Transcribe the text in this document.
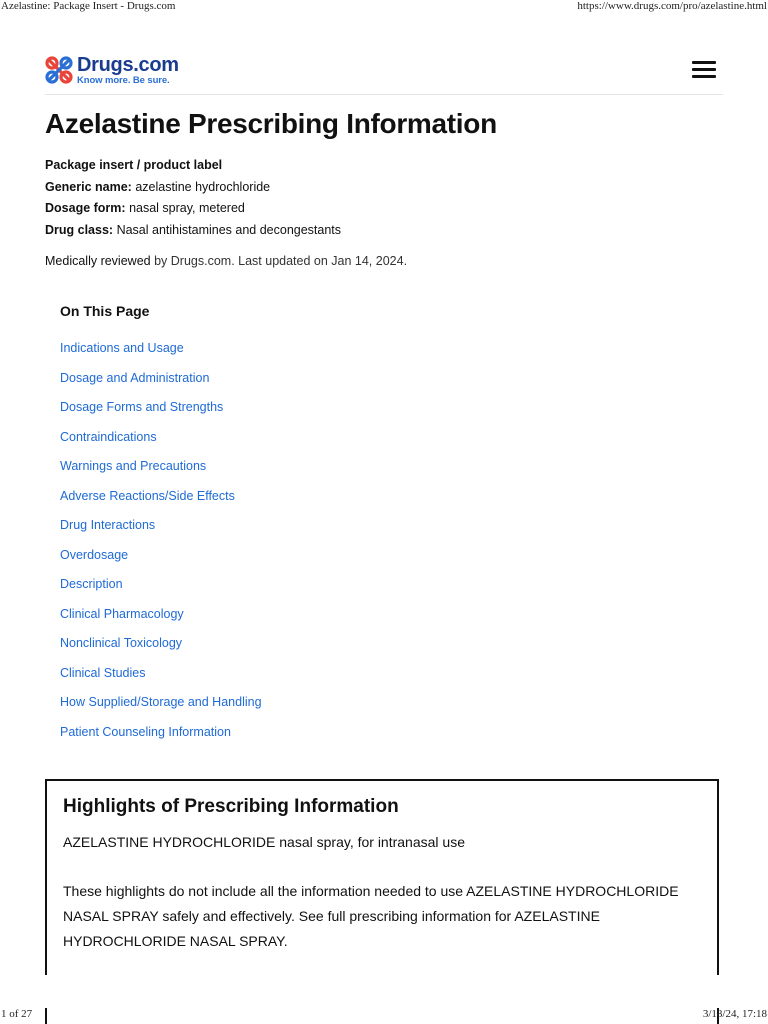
Azelastine: Package Insert - Drugs.com	https://www.drugs.com/pro/azelastine.html
Drugs.com
Know more. Be sure.
Azelastine Prescribing Information
Package insert / product label
Generic name: azelastine hydrochloride
Dosage form: nasal spray, metered
Drug class: Nasal antihistamines and decongestants
Medically reviewed by Drugs.com. Last updated on Jan 14, 2024.
On This Page
Indications and Usage
Dosage and Administration
Dosage Forms and Strengths
Contraindications
Warnings and Precautions
Adverse Reactions/Side Effects
Drug Interactions
Overdosage
Description
Clinical Pharmacology
Nonclinical Toxicology
Clinical Studies
How Supplied/Storage and Handling
Patient Counseling Information
Highlights of Prescribing Information
AZELASTINE HYDROCHLORIDE nasal spray, for intranasal use
These highlights do not include all the information needed to use AZELASTINE HYDROCHLORIDE NASAL SPRAY safely and effectively. See full prescribing information for AZELASTINE HYDROCHLORIDE NASAL SPRAY.
1 of 27	3/18/24, 17:18
